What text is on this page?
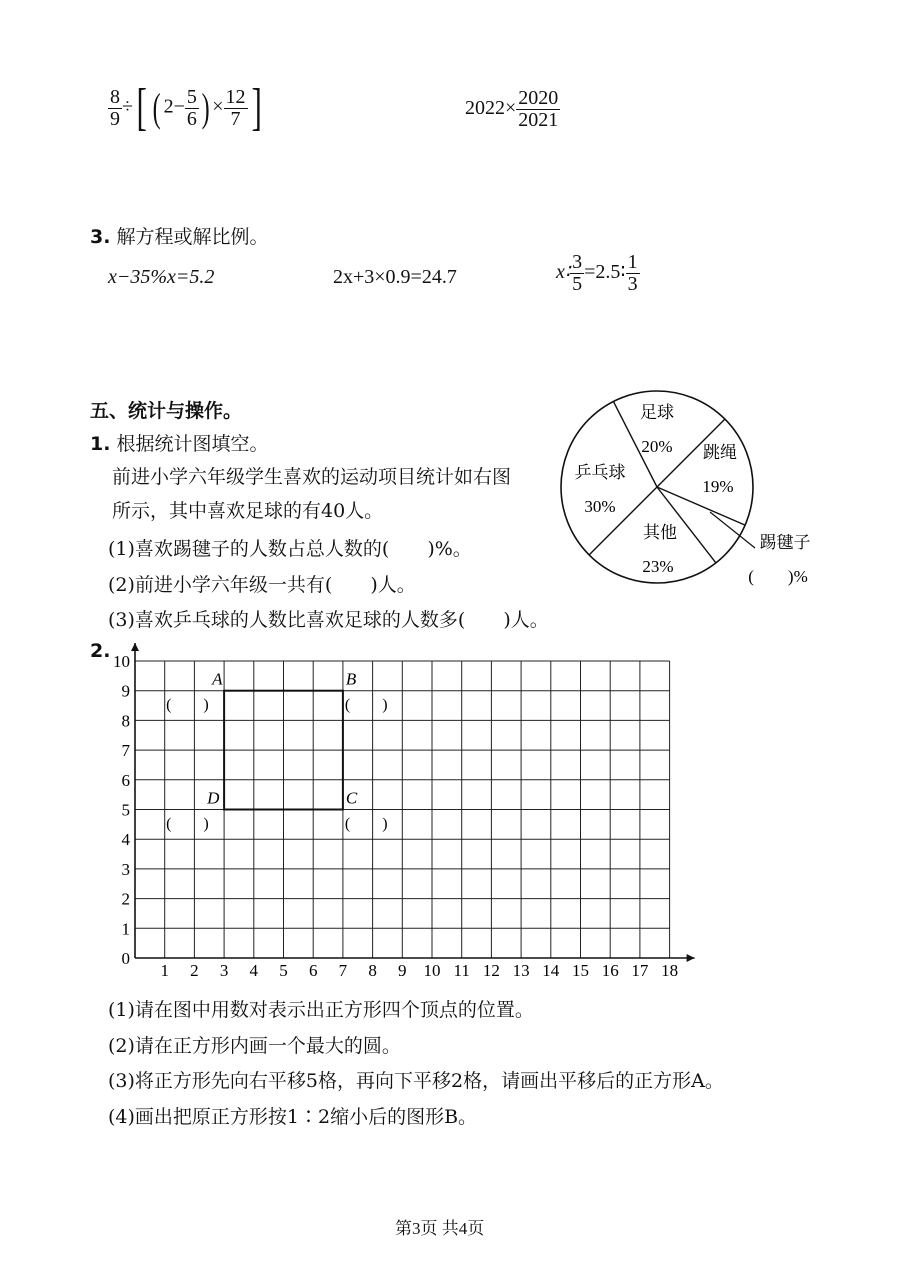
$\frac{8}{9}$ ÷[ ( $2- \frac{5}{6}$ ) × $\frac{12}{7}$ ]	$2022\times \frac{2020}{2021}$
3. 解方程或解比例。
x−35%x=5.2	2x+3×0.9=24.7	x∶ $\frac{3}{5}$ =2.5∶ $\frac{1}{3}$
五、统计与操作。
1. 根据统计图填空。
前进小学六年级学生喜欢的运动项目统计如右图
所示，其中喜欢足球的有40人。
(1)喜欢踢毽子的人数占总人数的(　　)%。
(2)前进小学六年级一共有(　　)人。
(3)喜欢乒乓球的人数比喜欢足球的人数多(　　)人。
足球
20% 跳绳
19%
踢毽子
(　　)%
其他
23%
乒乓球
30%
2.
1 2 3 4 5 6 7 8 9 10 11 12 13 14 15 16 17 18
0
1
2
3
4
5
6
7
8
9
10
A
(　　)
B
(　　)
C
(　　)
D
(　　)
(1)请在图中用数对表示出正方形四个顶点的位置。
(2)请在正方形内画一个最大的圆。
(3)将正方形先向右平移5格，再向下平移2格，请画出平移后的正方形A。
(4)画出把原正方形按1∶2缩小后的图形B。
第3页 共4页
